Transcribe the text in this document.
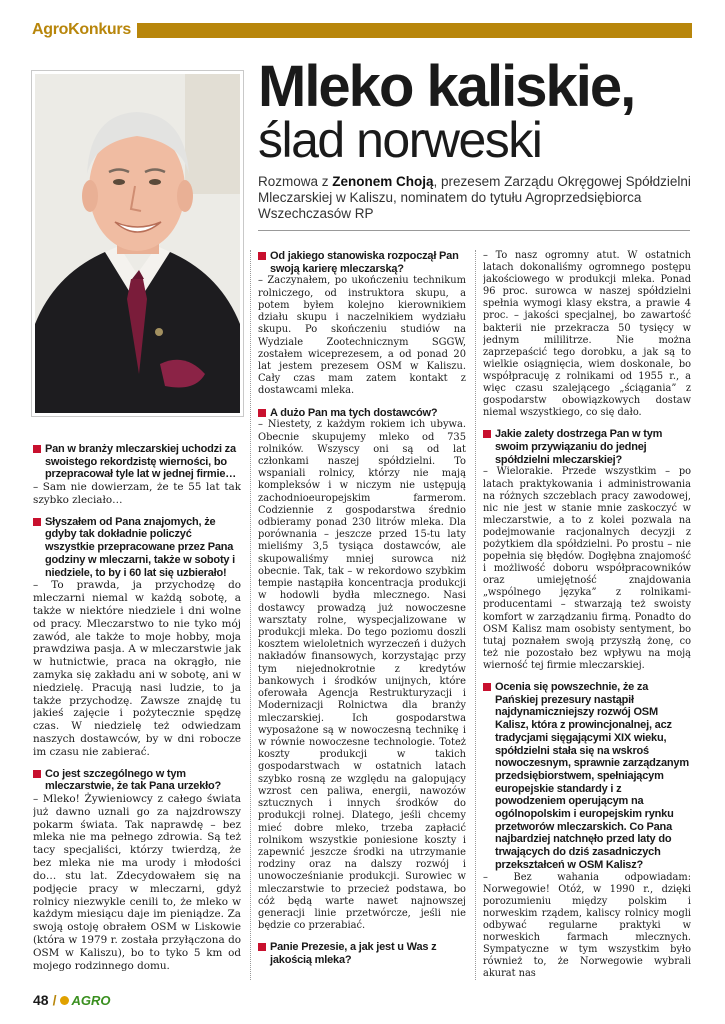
AgroKonkurs
Mleko kaliskie,
ślad norweski
Rozmowa z Zenonem Choją, prezesem Zarządu Okręgowej Spółdzielni Mleczarskiej w Kaliszu, nominatem do tytułu Agroprzedsiębiorca Wszechczasów RP

Pan w branży mleczarskiej uchodzi za swoistego rekordzistę wierności, bo przepracował tyle lat w jednej firmie…

– Sam nie dowierzam, że te 55 lat tak szybko zleciało…

Słyszałem od Pana znajomych, że gdyby tak dokładnie policzyć wszystkie przepracowane przez Pana godziny w mleczarni, także w soboty i niedziele, to by i 60 lat się uzbierało!

– To prawda, ja przychodzę do mleczarni niemal w każdą sobotę, a także w niektóre niedziele i dni wolne od pracy. Mleczarstwo to nie tyko mój zawód, ale także to moje hobby, moja prawdziwa pasja. A w mleczarstwie jak w hutnictwie, praca na okrągło, nie zamyka się zakładu ani w sobotę, ani w niedzielę. Pracują nasi ludzie, to ja także przychodzę. Zawsze znajdę tu jakieś zajęcie i pożytecznie spędzę czas. W niedzielę też odwiedzam naszych dostawców, by w dni robocze im czasu nie zabierać.

Co jest szczególnego w tym mleczarstwie, że tak Pana urzekło?

– Mleko! Żywieniowcy z całego świata już dawno uznali go za najzdrowszy pokarm świata. Tak naprawdę – bez mleka nie ma pełnego zdrowia. Są też tacy specjaliści, którzy twierdzą, że bez mleka nie ma urody i młodości do… stu lat. Zdecydowałem się na podjęcie pracy w mleczarni, gdyż rolnicy niezwykle cenili to, że mleko w każdym miesiącu daje im pieniądze. Za swoją ostoję obrałem OSM w Liskowie (która w 1979 r. została przyłączona do OSM w Kaliszu), bo to tyko 5 km od mojego rodzinnego domu.

Od jakiego stanowiska rozpoczął Pan swoją karierę mleczarską?

– Zaczynałem, po ukończeniu technikum rolniczego, od instruktora skupu, a potem byłem kolejno kierownikiem działu skupu i naczelnikiem wydziału skupu. Po skończeniu studiów na Wydziale Zootechnicznym SGGW, zostałem wiceprezesem, a od ponad 20 lat jestem prezesem OSM w Kaliszu. Cały czas mam zatem kontakt z dostawcami mleka.

A dużo Pan ma tych dostawców?

– Niestety, z każdym rokiem ich ubywa. Obecnie skupujemy mleko od 735 rolników. Wszyscy oni są od lat członkami naszej spółdzielni. To wspaniali rolnicy, którzy nie mają kompleksów i w niczym nie ustępują zachodnioeuropejskim farmerom. Codziennie z gospodarstwa średnio odbieramy ponad 230 litrów mleka. Dla porównania – jeszcze przed 15-tu laty mieliśmy 3,5 tysiąca dostawców, ale skupowaliśmy mniej surowca niż obecnie. Tak, tak – w rekordowo szybkim tempie nastąpiła koncentracja produkcji w hodowli bydła mlecznego. Nasi dostawcy prowadzą już nowoczesne warsztaty rolne, wyspecjalizowane w produkcji mleka. Do tego poziomu doszli kosztem wieloletnich wyrzeczeń i dużych nakładów finansowych, korzystając przy tym niejednokrotnie z kredytów bankowych i środków unijnych, które oferowała Agencja Restrukturyzacji i Modernizacji Rolnictwa dla branży mleczarskiej. Ich gospodarstwa wyposażone są w nowoczesną technikę i w równie nowoczesne technologie. Toteż koszty produkcji w takich gospodarstwach w ostatnich latach szybko rosną ze względu na galopujący wzrost cen paliwa, energii, nawozów sztucznych i innych środków do produkcji rolnej. Dlatego, jeśli chcemy mieć dobre mleko, trzeba zapłacić rolnikom wszystkie poniesione koszty i zapewnić jeszcze środki na utrzymanie rodziny oraz na dalszy rozwój i unowocześnianie produkcji. Surowiec w mleczarstwie to przecież podstawa, bo cóż będą warte nawet najnowszej generacji linie przetwórcze, jeśli nie będzie co przerabiać.

Panie Prezesie, a jak jest u Was z jakością mleka?

– To nasz ogromny atut. W ostatnich latach dokonaliśmy ogromnego postępu jakościowego w produkcji mleka. Ponad 96 proc. surowca w naszej spółdzielni spełnia wymogi klasy ekstra, a prawie 4 proc. – jakości specjalnej, bo zawartość bakterii nie przekracza 50 tysięcy w jednym mililitrze. Nie można zaprzepaścić tego dorobku, a jak są to wielkie osiągnięcia, wiem doskonale, bo współpracuję z rolnikami od 1955 r., a więc czasu szalejącego „ściągania” z gospodarstw obowiązkowych dostaw niemal wszystkiego, co się dało.

Jakie zalety dostrzega Pan w tym swoim przywiązaniu do jednej spółdzielni mleczarskiej?

– Wielorakie. Przede wszystkim – po latach praktykowania i administrowania na różnych szczeblach pracy zawodowej, nic nie jest w stanie mnie zaskoczyć w mleczarstwie, a to z kolei pozwala na podejmowanie racjonalnych decyzji z pożytkiem dla spółdzielni. Po prostu – nie popełnia się błędów. Dogłębna znajomość i możliwość doboru współpracowników oraz umiejętność znajdowania „wspólnego języka” z rolnikami-producentami – stwarzają też swoisty komfort w zarządzaniu firmą. Ponadto do OSM Kalisz mam osobisty sentyment, bo tutaj poznałem swoją przyszłą żonę, co też nie pozostało bez wpływu na moją wierność tej firmie mleczarskiej.

Ocenia się powszechnie, że za Pańskiej prezesury nastąpił najdynamiczniejszy rozwój OSM Kalisz, która z prowincjonalnej, acz tradycjami sięgającymi XIX wieku, spółdzielni stała się na wskroś nowoczesnym, sprawnie zarządzanym przedsiębiorstwem, spełniającym europejskie standardy i z powodzeniem operującym na ogólnopolskim i europejskim rynku przetworów mleczarskich. Co Pana najbardziej natchnęło przed laty do trwających do dziś zasadniczych przekształceń w OSM Kalisz?

– Bez wahania odpowiadam: Norwegowie! Otóż, w 1990 r., dzięki porozumieniu między polskim i norweskim rządem, kaliscy rolnicy mogli odbywać regularne praktyki w norweskich farmach mlecznych. Sympatyczne w tym wszystkim było również to, że Norwegowie wybrali akurat nas

48 / AGRO
